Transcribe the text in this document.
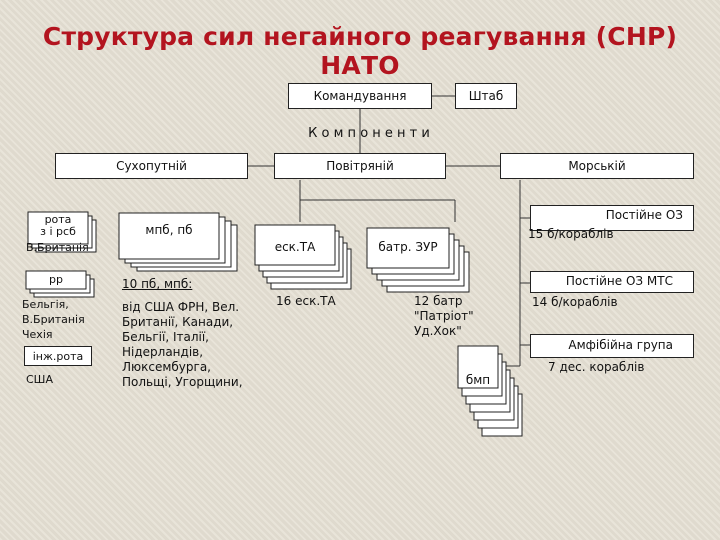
Структура сил негайного реагування (СНР) НАТО
Командування	Штаб
К о м п о н е н т и
Сухопутній	Повітряній	Морській
рота
з і рсб
В.Британія
рр
Бельгія,
В.Британія
Чехія
інж.рота
США
мпб, пб
10 пб, мпб:
від США ФРН, Вел.
Британії, Канади,
Бельгії, Італії,
Нідерландів,
Люксембурга,
Польщі, Угорщини,
еск.ТА
16 еск.ТА
батр. ЗУР
12 батр
"Патріот"
Уд.Хок"
Постійне ОЗ
15 б/кораблів
Постійне ОЗ МТС
14 б/кораблів
Амфібійна група
7 дес. кораблів
бмп
